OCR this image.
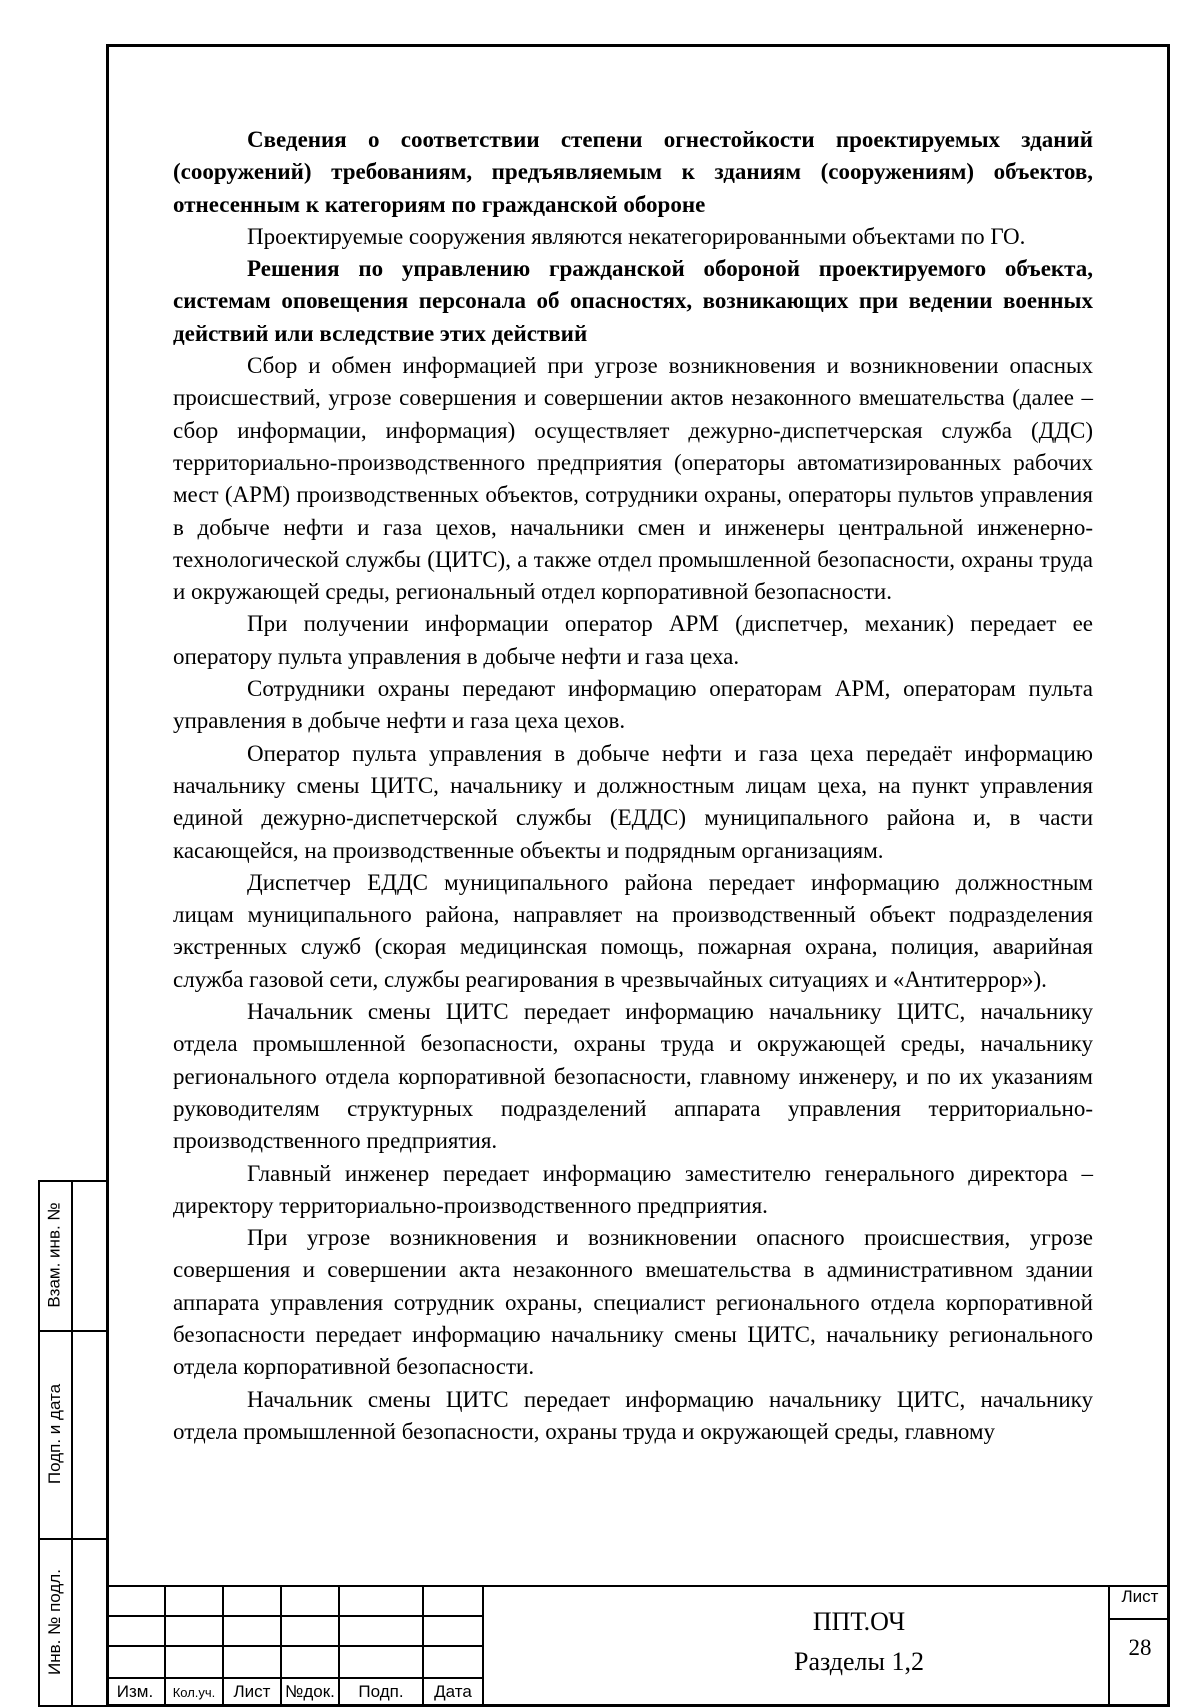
Сведения о соответствии степени огнестойкости проектируемых зданий (сооружений) требованиям, предъявляемым к зданиям (сооружениям) объектов, отнесенным к категориям по гражданской обороне

Проектируемые сооружения являются некатегорированными объектами по ГО.

Решения по управлению гражданской обороной проектируемого объекта, системам оповещения персонала об опасностях, возникающих при ведении военных действий или вследствие этих действий

Сбор и обмен информацией при угрозе возникновения и возникновении опасных происшествий, угрозе совершения и совершении актов незаконного вмешательства (далее – сбор информации, информация) осуществляет дежурно-диспетчерская служба (ДДС) территориально-производственного предприятия (операторы автоматизированных рабочих мест (АРМ) производственных объектов, сотрудники охраны, операторы пультов управления в добыче нефти и газа цехов, начальники смен и инженеры центральной инженерно-технологической службы (ЦИТС), а также отдел промышленной безопасности, охраны труда и окружающей среды, региональный отдел корпоративной безопасности.

При получении информации оператор АРМ (диспетчер, механик) передает ее оператору пульта управления в добыче нефти и газа цеха.

Сотрудники охраны передают информацию операторам АРМ, операторам пульта управления в добыче нефти и газа цеха цехов.

Оператор пульта управления в добыче нефти и газа цеха передаёт информацию начальнику смены ЦИТС, начальнику и должностным лицам цеха, на пункт управления единой дежурно-диспетчерской службы (ЕДДС) муниципального района и, в части касающейся, на производственные объекты и подрядным организациям.

Диспетчер ЕДДС муниципального района передает информацию должностным лицам муниципального района, направляет на производственный объект подразделения экстренных служб (скорая медицинская помощь, пожарная охрана, полиция, аварийная служба газовой сети, службы реагирования в чрезвычайных ситуациях и «Антитеррор»).

Начальник смены ЦИТС передает информацию начальнику ЦИТС, начальнику отдела промышленной безопасности, охраны труда и окружающей среды, начальнику регионального отдела корпоративной безопасности, главному инженеру, и по их указаниям руководителям структурных подразделений аппарата управления территориально-производственного предприятия.

Главный инженер передает информацию заместителю генерального директора – директору территориально-производственного предприятия.

При угрозе возникновения и возникновении опасного происшествия, угрозе совершения и совершении акта незаконного вмешательства в административном здании аппарата управления сотрудник охраны, специалист регионального отдела корпоративной безопасности передает информацию начальнику смены ЦИТС, начальнику регионального отдела корпоративной безопасности.

Начальник смены ЦИТС передает информацию начальнику ЦИТС, начальнику отдела промышленной безопасности, охраны труда и окружающей среды, главному

Взам. инв. №
Подп. и дата
Инв. № подл.
Изм.	Кол.уч.	Лист №док.	Подп.	Дата
ППТ.ОЧ
Разделы 1,2
Лист
28
